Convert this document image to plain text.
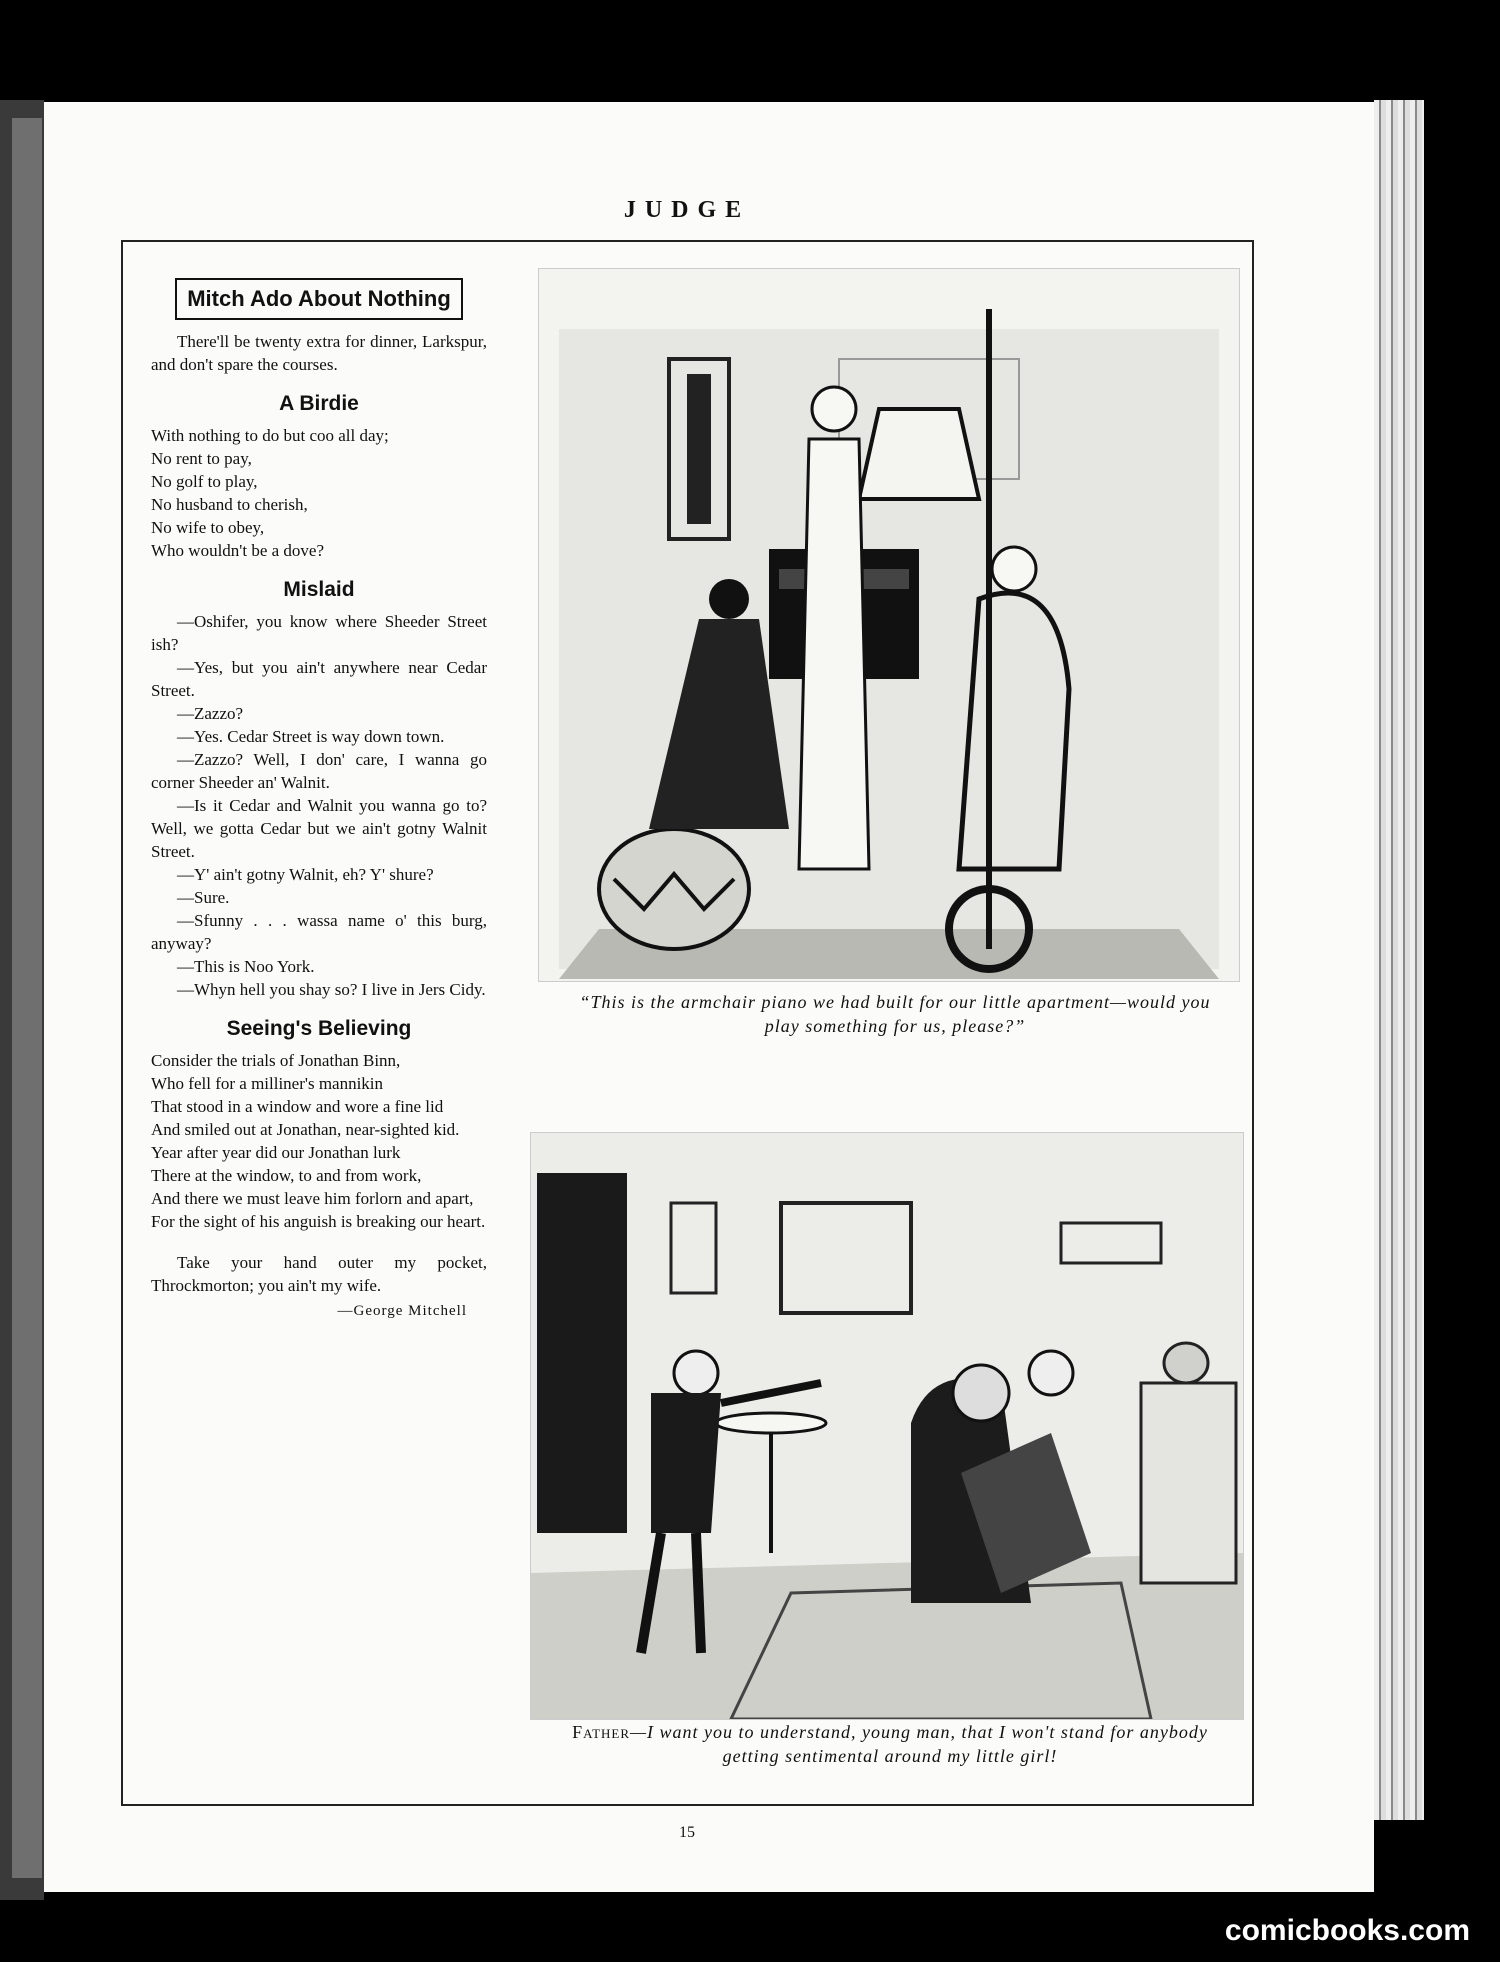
JUDGE
Mitch Ado About Nothing

There'll be twenty extra for dinner, Larkspur, and don't spare the courses.

A Birdie
With nothing to do but coo all day;
No rent to pay,
No golf to play,
No husband to cherish,
No wife to obey,
Who wouldn't be a dove?
Mislaid

—Oshifer, you know where Sheeder Street ish?

—Yes, but you ain't anywhere near Cedar Street.

—Zazzo?

—Yes. Cedar Street is way down town.

—Zazzo? Well, I don' care, I wanna go corner Sheeder an' Walnit.

—Is it Cedar and Walnit you wanna go to? Well, we gotta Cedar but we ain't gotny Walnit Street.

—Y' ain't gotny Walnit, eh? Y' shure?

—Sure.

—Sfunny . . . wassa name o' this burg, anyway?

—This is Noo York.

—Whyn hell you shay so? I live in Jers Cidy.

Seeing's Believing
Consider the trials of Jonathan Binn,
Who fell for a milliner's mannikin
That stood in a window and wore a fine lid
And smiled out at Jonathan, near-sighted kid.
Year after year did our Jonathan lurk
There at the window, to and from work,
And there we must leave him forlorn and apart,
For the sight of his anguish is breaking our heart.

Take your hand outer my pocket, Throckmorton; you ain't my wife.

—George Mitchell
“This is the armchair piano we had built for our little apartment—would you play something for us, please?”
Father—I want you to understand, young man, that I won't stand for anybody getting sentimental around my little girl!
15
comicbooks.com
